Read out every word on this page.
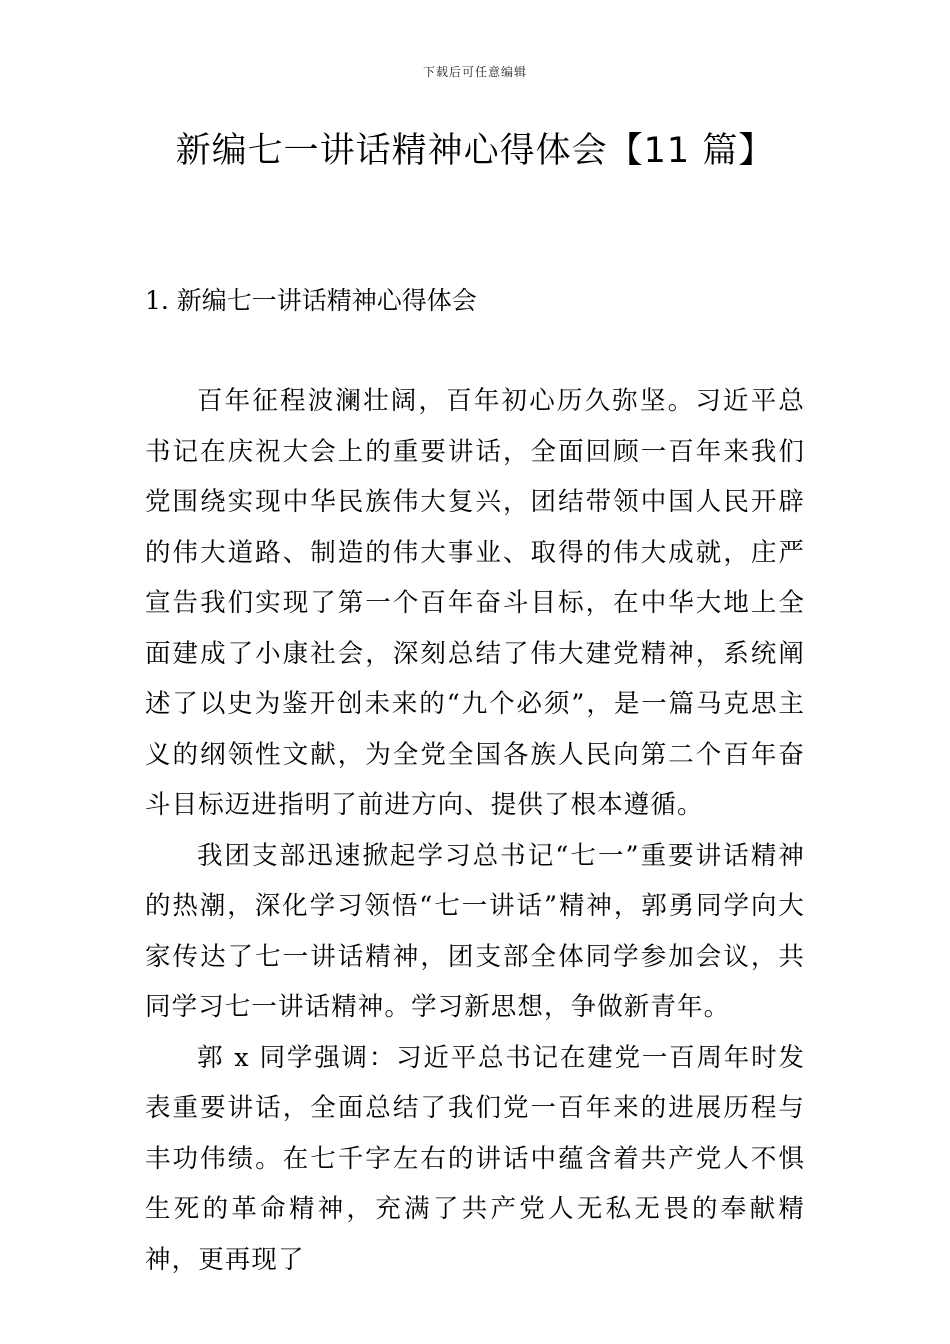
下载后可任意编辑
新编七一讲话精神心得体会【11 篇】
1. 新编七一讲话精神心得体会

百年征程波澜壮阔，百年初心历久弥坚。习近平总书记在庆祝大会上的重要讲话，全面回顾一百年来我们党围绕实现中华民族伟大复兴，团结带领中国人民开辟的伟大道路、制造的伟大事业、取得的伟大成就，庄严宣告我们实现了第一个百年奋斗目标，在中华大地上全面建成了小康社会，深刻总结了伟大建党精神，系统阐述了以史为鉴开创未来的“九个必须”，是一篇马克思主义的纲领性文献，为全党全国各族人民向第二个百年奋斗目标迈进指明了前进方向、提供了根本遵循。

我团支部迅速掀起学习总书记“七一”重要讲话精神的热潮，深化学习领悟“七一讲话”精神，郭勇同学向大家传达了七一讲话精神，团支部全体同学参加会议，共同学习七一讲话精神。学习新思想，争做新青年。

郭 x 同学强调：习近平总书记在建党一百周年时发表重要讲话，全面总结了我们党一百年来的进展历程与丰功伟绩。在七千字左右的讲话中蕴含着共产党人不惧生死的革命精神，充满了共产党人无私无畏的奉献精神，更再现了
